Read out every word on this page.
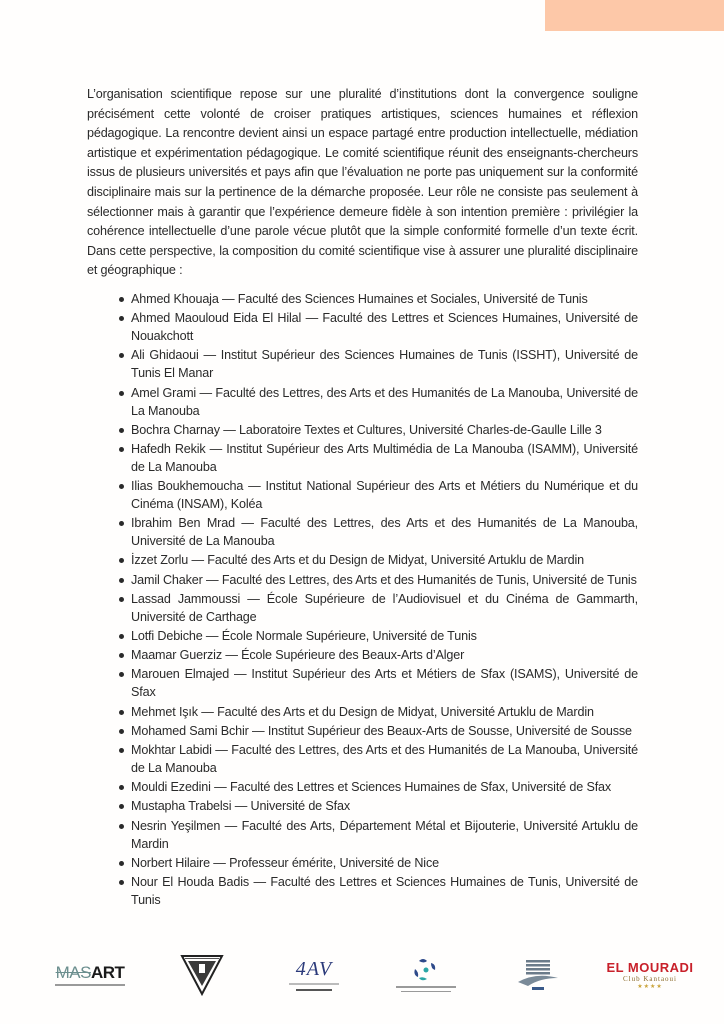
L’organisation scientifique repose sur une pluralité d’institutions dont la convergence souligne précisément cette volonté de croiser pratiques artistiques, sciences humaines et réflexion pédagogique. La rencontre devient ainsi un espace partagé entre production intellectuelle, médiation artistique et expérimentation pédagogique. Le comité scientifique réunit des enseignants-chercheurs issus de plusieurs universités et pays afin que l’évaluation ne porte pas uniquement sur la conformité disciplinaire mais sur la pertinence de la démarche proposée. Leur rôle ne consiste pas seulement à sélectionner mais à garantir que l’expérience demeure fidèle à son intention première : privilégier la cohérence intellectuelle d’une parole vécue plutôt que la simple conformité formelle d’un texte écrit. Dans cette perspective, la composition du comité scientifique vise à assurer une pluralité disciplinaire et géographique :

Ahmed Khouaja — Faculté des Sciences Humaines et Sociales, Université de Tunis
Ahmed Maouloud Eida El Hilal — Faculté des Lettres et Sciences Humaines, Université de Nouakchott
Ali Ghidaoui — Institut Supérieur des Sciences Humaines de Tunis (ISSHT), Université de Tunis El Manar
Amel Grami — Faculté des Lettres, des Arts et des Humanités de La Manouba, Université de La Manouba
Bochra Charnay — Laboratoire Textes et Cultures, Université Charles-de-Gaulle Lille 3
Hafedh Rekik — Institut Supérieur des Arts Multimédia de La Manouba (ISAMM), Université de La Manouba
Ilias Boukhemoucha — Institut National Supérieur des Arts et Métiers du Numérique et du Cinéma (INSAM), Koléa
Ibrahim Ben Mrad — Faculté des Lettres, des Arts et des Humanités de La Manouba, Université de La Manouba
İzzet Zorlu — Faculté des Arts et du Design de Midyat, Université Artuklu de Mardin
Jamil Chaker — Faculté des Lettres, des Arts et des Humanités de Tunis, Université de Tunis
Lassad Jammoussi — École Supérieure de l’Audiovisuel et du Cinéma de Gammarth, Université de Carthage
Lotfi Debiche — École Normale Supérieure, Université de Tunis
Maamar Guerziz — École Supérieure des Beaux-Arts d’Alger
Marouen Elmajed — Institut Supérieur des Arts et Métiers de Sfax (ISAMS), Université de Sfax
Mehmet Işık — Faculté des Arts et du Design de Midyat, Université Artuklu de Mardin
Mohamed Sami Bchir — Institut Supérieur des Beaux-Arts de Sousse, Université de Sousse
Mokhtar Labidi — Faculté des Lettres, des Arts et des Humanités de La Manouba, Université de La Manouba
Mouldi Ezedini — Faculté des Lettres et Sciences Humaines de Sfax, Université de Sfax
Mustapha Trabelsi — Université de Sfax
Nesrin Yeşilmen — Faculté des Arts, Département Métal et Bijouterie, Université Artuklu de Mardin
Norbert Hilaire — Professeur émérite, Université de Nice
Nour El Houda Badis — Faculté des Lettres et Sciences Humaines de Tunis, Université de Tunis
MASART	4AV	EL MOURADI
Club Kantaoui
★★★★
